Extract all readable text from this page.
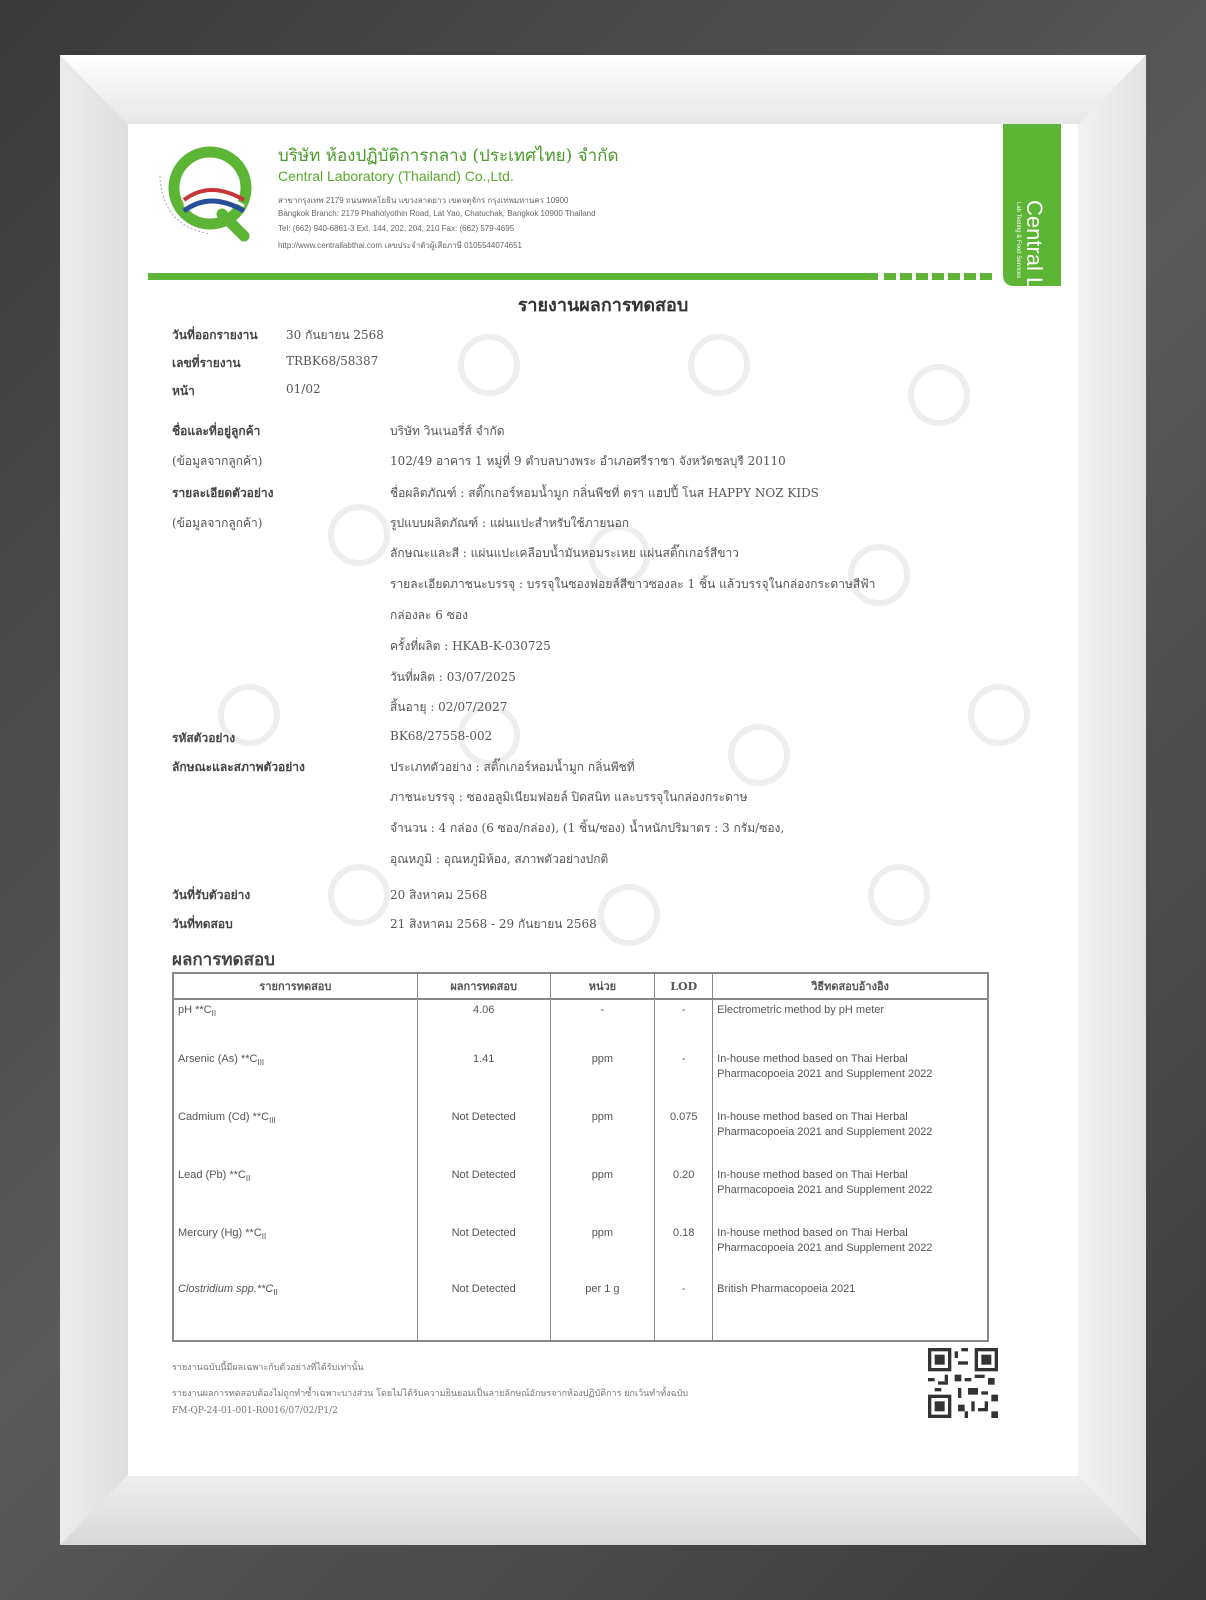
บริษัท ห้องปฏิบัติการกลาง (ประเทศไทย) จำกัด
Central Laboratory (Thailand) Co.,Ltd.
สาขากรุงเทพ 2179 ถนนพหลโยธิน แขวงลาดยาว เขตจตุจักร กรุงเทพมหานคร 10900
Bangkok Branch: 2179 Phaholyothin Road, Lat Yao, Chatuchak, Bangkok 10900 Thailand
Tel: (662) 940-6861-3 Ext. 144, 202, 204, 210 Fax: (662) 579-4695
http://www.centrallabthai.com เลขประจำตัวผู้เสียภาษี 0105544074651	Central Lab
Lab Testing & Food Services
รายงานผลการทดสอบ
วันที่ออกรายงาน 30 กันยายน 2568
เลขที่รายงาน	TRBK68/58387
หน้า	01/02
ชื่อและที่อยู่ลูกค้า	บริษัท วินเนอรี่ส์ จำกัด
(ข้อมูลจากลูกค้า)	102/49 อาคาร 1 หมู่ที่ 9 ตำบลบางพระ อำเภอศรีราชา จังหวัดชลบุรี 20110
รายละเอียดตัวอย่าง
(ข้อมูลจากลูกค้า)
ชื่อผลิตภัณฑ์ : สติ๊กเกอร์หอมน้ำมูก กลิ่นพีชที่ ตรา แฮปปี้ โนส HAPPY NOZ KIDS
รูปแบบผลิตภัณฑ์ : แผ่นแปะสำหรับใช้ภายนอก
ลักษณะและสี : แผ่นแปะเคลือบน้ำมันหอมระเหย แผ่นสติ๊กเกอร์สีขาว
รายละเอียดภาชนะบรรจุ : บรรจุในซองฟอยล์สีขาวซองละ 1 ชิ้น แล้วบรรจุในกล่องกระดาษสีฟ้า
กล่องละ 6 ซอง
ครั้งที่ผลิต : HKAB-K-030725
วันที่ผลิต : 03/07/2025
สิ้นอายุ : 02/07/2027
รหัสตัวอย่าง	BK68/27558-002
ลักษณะและสภาพตัวอย่าง	ประเภทตัวอย่าง : สติ๊กเกอร์หอมน้ำมูก กลิ่นพีชที่
ภาชนะบรรจุ : ซองอลูมิเนียมฟอยล์ ปิดสนิท และบรรจุในกล่องกระดาษ
จำนวน : 4 กล่อง (6 ซอง/กล่อง), (1 ชิ้น/ซอง) น้ำหนักปริมาตร : 3 กรัม/ซอง,
อุณหภูมิ : อุณหภูมิห้อง, สภาพตัวอย่างปกติ
วันที่รับตัวอย่าง	20 สิงหาคม 2568
วันที่ทดสอบ	21 สิงหาคม 2568 - 29 กันยายน 2568
ผลการทดสอบ
รายการทดสอบ	ผลการทดสอบ	หน่วย	LOD	วิธีทดสอบอ้างอิง
pH $**C_{II}$	4.06	-	-	Electrometric method by pH meter
Arsenic (As) $**C_{III}$	1.41	ppm	-	In-house method based on Thai Herbal Pharmacopoeia 2021 and Supplement 2022
Cadmium (Cd) $**C_{III}$	Not Detected	ppm	0.075	In-house method based on Thai Herbal Pharmacopoeia 2021 and Supplement 2022
Lead (Pb) $**C_{II}$	Not Detected	ppm	0.20	In-house method based on Thai Herbal Pharmacopoeia 2021 and Supplement 2022
Mercury (Hg) $**C_{II}$	Not Detected	ppm	0.18	In-house method based on Thai Herbal Pharmacopoeia 2021 and Supplement 2022
Clostridium $spp.**C_{II}$	Not Detected	per 1 g	-	British Pharmacopoeia 2021
รายงานฉบับนี้มีผลเฉพาะกับตัวอย่างที่ได้รับเท่านั้น
รายงานผลการทดสอบต้องไม่ถูกทำซ้ำเฉพาะบางส่วน โดยไม่ได้รับความยินยอมเป็นลายลักษณ์อักษรจากห้องปฏิบัติการ ยกเว้นทำทั้งฉบับ
FM-QP-24-01-001-R0016/07/02/P1/2
